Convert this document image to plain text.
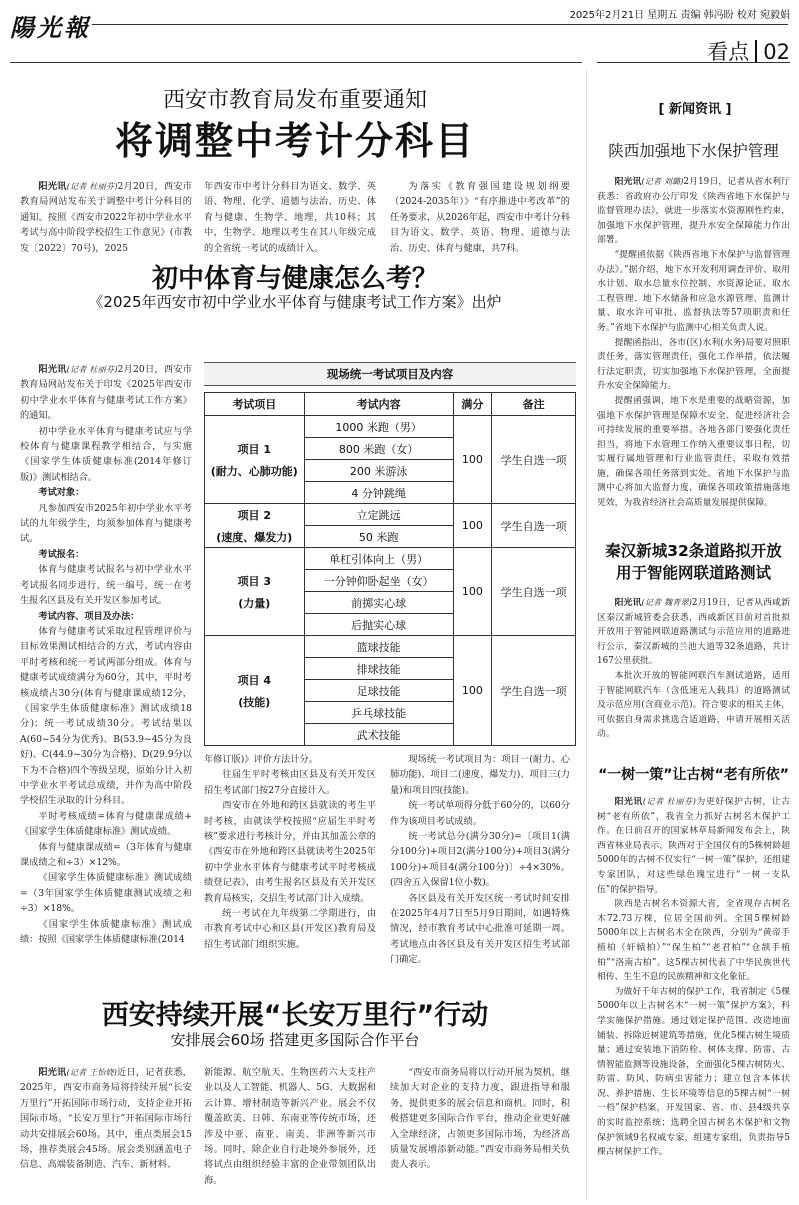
陽光報	2025年2月21日 星期五 责编 韩冯盼 校对 宛毅娟
看点 02
西安市教育局发布重要通知
将调整中考计分科目

阳光讯(记者 杜丽芬)2月20日，西安市教育局网站发布关于调整中考计分科目的通知。按照《西安市2022年初中学业水平考试与高中阶段学校招生工作意见》(市教发〔2022〕70号)，2025

年西安市中考计分科目为语文、数学、英语、物理、化学、道德与法治、历史、体育与健康、生物学、地理，共10科；其中，生物学、地理以考生在其八年级完成的全省统一考试的成绩计入。

为落实《教育强国建设规划纲要（2024-2035年）》“有序推进中考改革”的任务要求，从2026年起，西安市中考计分科目为语文、数学、英语、物理、道德与法治、历史、体育与健康，共7科。

初中体育与健康怎么考？
《2025年西安市初中学业水平体育与健康考试工作方案》出炉

阳光讯(记者 杜丽芬)2月20日，西安市教育局网站发布关于印发《2025年西安市初中学业水平体育与健康考试工作方案》的通知。

初中学业水平体育与健康考试应与学校体育与健康课程教学相结合，与实施《国家学生体质健康标准(2014年修订版)》测试相结合。

考试对象：

凡参加西安市2025年初中学业水平考试的九年级学生，均须参加体育与健康考试。

考试报名：

体育与健康考试报名与初中学业水平考试报名同步进行，统一编号，统一在考生报名区县及有关开发区参加考试。

考试内容、项目及办法：

体育与健康考试采取过程管理评价与目标效果测试相结合的方式，考试内容由平时考核和统一考试两部分组成。体育与健康考试成绩满分为60分，其中，平时考核成绩占30分(体育与健康课成绩12分，《国家学生体质健康标准》测试成绩18分)；统一考试成绩30分。考试结果以A(60~54分为优秀)、B(53.9~45分为良好)、C(44.9~30分为合格)、D(29.9分以下为不合格)四个等级呈现，原始分计入初中学业水平考试总成绩，并作为高中阶段学校招生录取的计分科目。

平时考核成绩=体育与健康课成绩+《国家学生体质健康标准》测试成绩。

体育与健康课成绩=（3年体育与健康课成绩之和÷3）×12%。

《国家学生体质健康标准》测试成绩=（3年国家学生体质健康测试成绩之和÷3）×18%。

《国家学生体质健康标准》测试成绩：按照《国家学生体质健康标准(2014

现场统一考试项目及内容
考试项目	考试内容	满分	备注

项目 1
(耐力、心肺功能)	1000 米跑（男）	100	学生自选一项
	800 米跑（女）		
	200 米游泳		
	4 分钟跳绳		

项目 2
(速度、爆发力)	立定跳远	100	学生自选一项
	50 米跑		

项目 3
(力量)	单杠引体向上（男）	100	学生自选一项
	一分钟仰卧起坐（女）		
	前掷实心球		
	后抛实心球		

项目 4
(技能)	篮球技能	100	学生自选一项
	排球技能		
	足球技能		
	乒乓球技能		
	武术技能		

年修订版)》评价方法计分。

往届生平时考核由区县及有关开发区招生考试部门按27分直接计入。

西安市在外地和跨区县就读的考生平时考核，由就读学校按照“应届生平时考核”要求进行考核计分，并由其加盖公章的《西安市在外地和跨区县就读考生2025年初中学业水平体育与健康考试平时考核成绩登记表》，由考生报名区县及有关开发区教育局核实，交招生考试部门计入成绩。

统一考试在九年级第二学期进行，由市教育考试中心和区县(开发区)教育局及招生考试部门组织实施。

现场统一考试项目为：项目一(耐力、心肺功能)、项目二(速度、爆发力)、项目三(力量)和项目四(技能)。

统一考试单项得分低于60分的，以60分作为该项目考试成绩。

统一考试总分(满分30分)=〔项目1(满分100分)+项目2(满分100分)+项目3(满分100分)+项目4(满分100分)〕÷4×30%。(四舍五入保留1位小数)。

各区县及有关开发区统一考试时间安排在2025年4月7日至5月9日期间，如遇特殊情况，经市教育考试中心批准可延期一周。考试地点由各区县及有关开发区招生考试部门确定。

西安持续开展“长安万里行”行动
安排展会60场 搭建更多国际合作平台

阳光讯(记者 王怡娆)近日，记者获悉，2025年，西安市商务局将持续开展“长安万里行”开拓国际市场行动，支持企业开拓国际市场。“长安万里行”开拓国际市场行动共安排展会60场。其中，重点类展会15场，推荐类展会45场。展会类别涵盖电子信息、高端装备制造、汽车、新材料、

新能源、航空航天、生物医药六大支柱产业以及人工智能、机器人、5G、大数据和云计算、增材制造等新兴产业。展会不仅覆盖欧美、日韩、东南亚等传统市场，还涉及中亚、南亚、南美、非洲等新兴市场。同时，除企业自行赴境外参展外，还将试点由组织经验丰富的企业带领团队出海。

“西安市商务局将以行动开展为契机，继续加大对企业的支持力度，跟进指导和服务，提供更多的展会信息和商机。同时，积极搭建更多国际合作平台，推动企业更好融入全球经济，占领更多国际市场，为经济高质量发展增添新动能。”西安市商务局相关负责人表示。

[ 新闻资讯 ]
陕西加强地下水保护管理

阳光讯(记者 刘璐)2月19日，记者从省水利厅获悉：省政府办公厅印发《陕西省地下水保护与监督管理办法》，就进一步落实水资源刚性约束，加强地下水保护管理，提升水安全保障能力作出部署。

“提醒函依据《陕西省地下水保护与监督管理办法》。”据介绍，地下水开发利用调查评价、取用水计划、取水总量水位控制、水资源论证、取水工程管理、地下水储备和应急水源管理、监测计量、取水许可审批、监督执法等57项职责和任务。”省地下水保护与监测中心相关负责人说。

提醒函指出，各市(区)水利(水务)局要对照职责任务，落实管理责任，强化工作举措，依法履行法定职责，切实加强地下水保护管理，全面提升水安全保障能力。

提醒函强调，地下水是重要的战略资源，加强地下水保护管理是保障水安全、促进经济社会可持续发展的重要举措。各地各部门要强化责任担当，将地下水管理工作纳入重要议事日程，切实履行属地管理和行业监管责任，采取有效措施，确保各项任务落到实处。省地下水保护与监测中心将加大监督力度，确保各项政策措施落地见效，为我省经济社会高质量发展提供保障。

秦汉新城32条道路拟开放
用于智能网联道路测试

阳光讯(记者 魏青翠)2月19日，记者从西咸新区秦汉新城管委会获悉，西咸新区目前对首批拟开放用于智能网联道路测试与示范应用的道路进行公示，秦汉新城的兰池大道等32条道路，共计167公里获批。

本批次开放的智能网联汽车测试道路，适用于智能网联汽车（含低速无人载具）的道路测试及示范应用(含商业示范)。符合要求的相关主体，可依据自身需求挑选合适道路，申请开展相关活动。

“一树一策”让古树“老有所依”

阳光讯(记者 杜丽芬)为更好保护古树，让古树“老有所依”，我省全力抓好古树名木保护工作。在日前召开的国家林草局新闻发布会上，陕西省林业局表示，陕西对于全国仅有的5株树龄超5000年的古树不仅实行“一树一策”保护，还组建专家团队，对这些绿色瑰宝进行“一树一支队伍”的保护指导。

陕西是古树名木资源大省，全省现存古树名木72.73万棵，位居全国前列。全国5棵树龄5000年以上古树名木全在陕西，分别为“黄帝手植柏（轩辕柏）”“保生柏”“老君柏”“仓颉手植柏”“洛南古柏”。这5棵古树代表了中华民族世代相传、生生不息的民族精神和文化象征。

为做好千年古树的保护工作，我省制定《5棵5000年以上古树名木“一树一策”保护方案》，科学实施保护措施。通过划定保护范围、改造地面铺装、拆除近树建筑等措施，优化5棵古树生境质量；通过安装地下消防栓、树体支撑、防雷、古情智能监测等设施设备，全面强化5棵古树防火、防雷、防风、防病虫害能力；建立包含本体状况、养护措施、生长环境等信息的5棵古树“一树一档”保护档案，开发国家、省、市、县4级共享的实时监控系统；选聘全国古树名木保护和文物保护领域9名权威专家，组建专家组，负责指导5棵古树保护工作。
